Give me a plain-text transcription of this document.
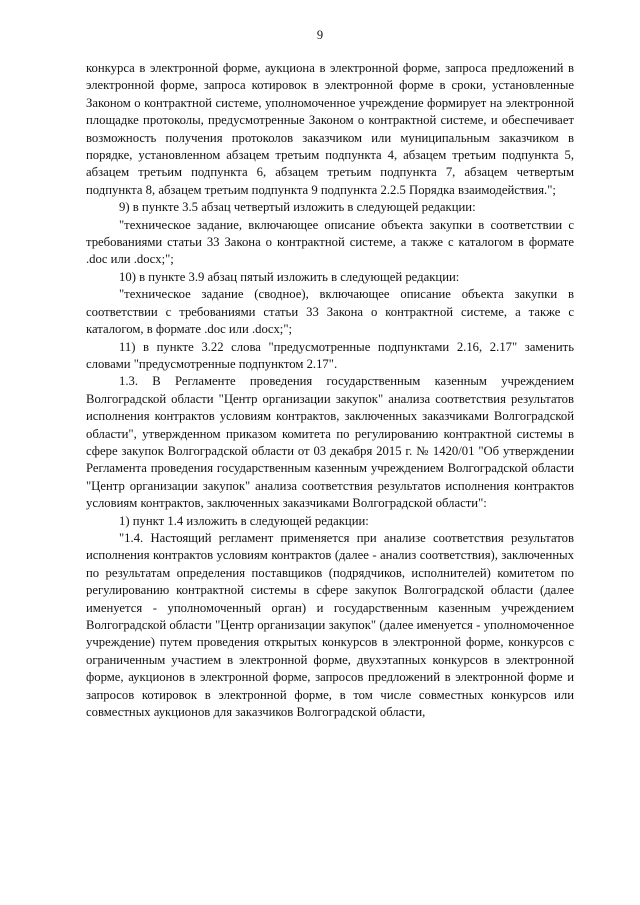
9

конкурса в электронной форме, аукциона в электронной форме, запроса предложений в электронной форме, запроса котировок в электронной форме в сроки, установленные Законом о контрактной системе, уполномоченное учреждение формирует на электронной площадке протоколы, предусмотренные Законом о контрактной системе, и обеспечивает возможность получения протоколов заказчиком или муниципальным заказчиком в порядке, установленном абзацем третьим подпункта 4, абзацем третьим подпункта 5, абзацем третьим подпункта 6, абзацем третьим подпункта 7, абзацем четвертым подпункта 8, абзацем третьим подпункта 9 подпункта 2.2.5 Порядка взаимодействия.";

9) в пункте 3.5 абзац четвертый изложить в следующей редакции:

"техническое задание, включающее описание объекта закупки в соответствии с требованиями статьи 33 Закона о контрактной системе, а также с каталогом в формате .doc или .docx;";

10) в пункте 3.9 абзац пятый изложить в следующей редакции:

"техническое задание (сводное), включающее описание объекта закупки в соответствии с требованиями статьи 33 Закона о контрактной системе, а также с каталогом, в формате .doc или .docx;";

11) в пункте 3.22 слова "предусмотренные подпунктами 2.16, 2.17" заменить словами "предусмотренные подпунктом 2.17".

1.3. В Регламенте проведения государственным казенным учреждением Волгоградской области "Центр организации закупок" анализа соответствия результатов исполнения контрактов условиям контрактов, заключенных заказчиками Волгоградской области", утвержденном приказом комитета по регулированию контрактной системы в сфере закупок Волгоградской области от 03 декабря 2015 г. № 1420/01 "Об утверждении Регламента проведения государственным казенным учреждением Волгоградской области "Центр организации закупок" анализа соответствия результатов исполнения контрактов условиям контрактов, заключенных заказчиками Волгоградской области":

1) пункт 1.4 изложить в следующей редакции:

"1.4. Настоящий регламент применяется при анализе соответствия результатов исполнения контрактов условиям контрактов (далее - анализ соответствия), заключенных по результатам определения поставщиков (подрядчиков, исполнителей) комитетом по регулированию контрактной системы в сфере закупок Волгоградской области (далее именуется - уполномоченный орган) и государственным казенным учреждением Волгоградской области "Центр организации закупок" (далее именуется - уполномоченное учреждение) путем проведения открытых конкурсов в электронной форме, конкурсов с ограниченным участием в электронной форме, двухэтапных конкурсов в электронной форме, аукционов в электронной форме, запросов предложений в электронной форме и запросов котировок в электронной форме, в том числе совместных конкурсов или совместных аукционов для заказчиков Волгоградской области,
